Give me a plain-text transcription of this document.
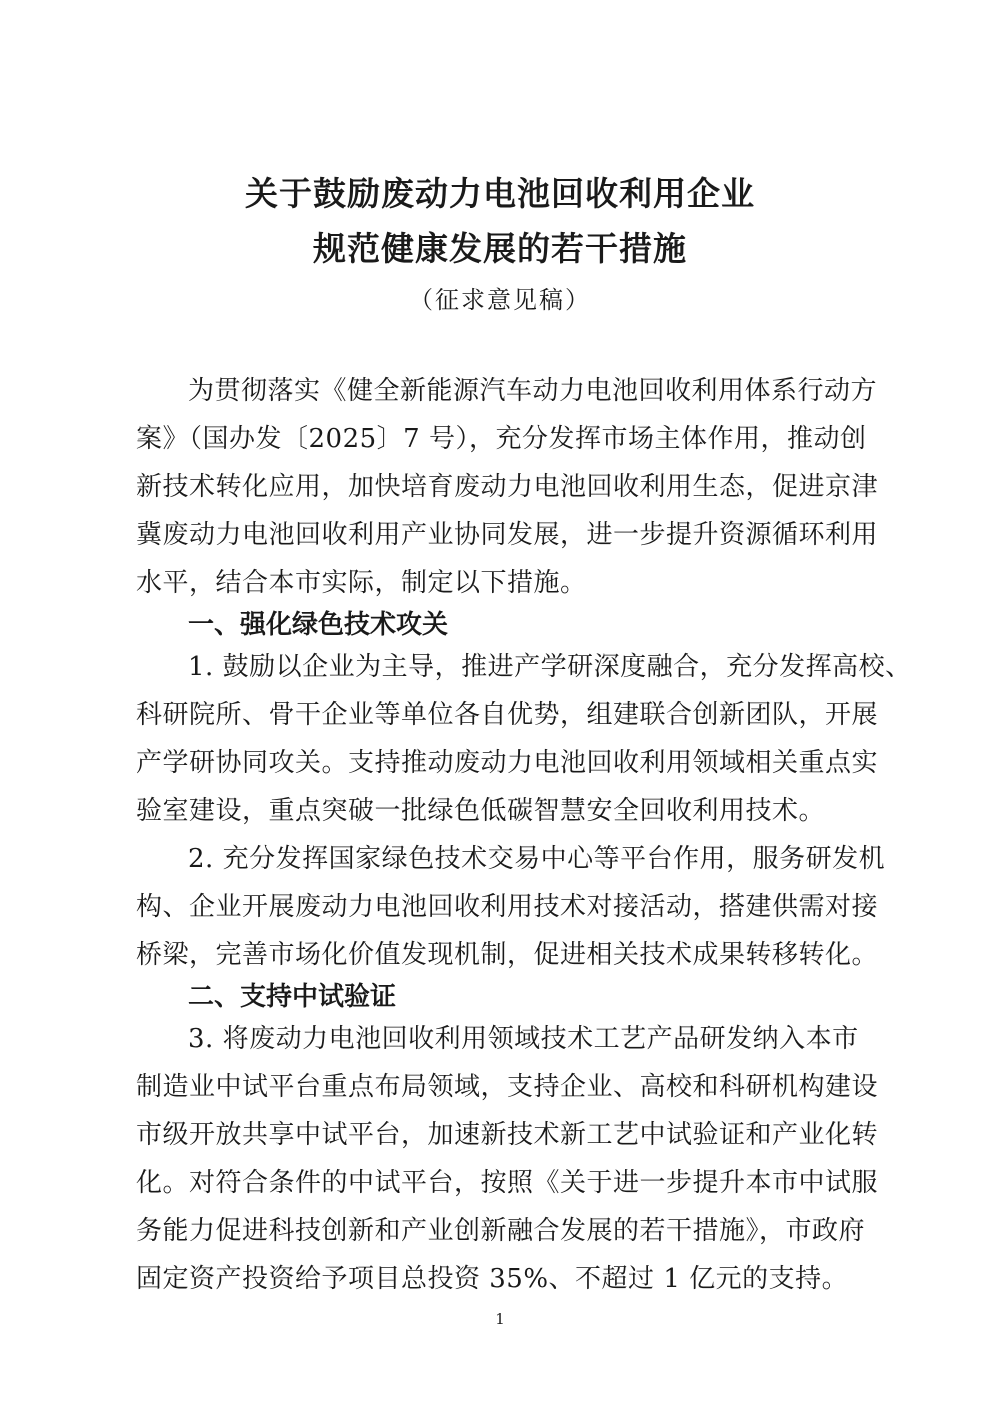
关于鼓励废动力电池回收利用企业
规范健康发展的若干措施
（征求意见稿）
为贯彻落实《健全新能源汽车动力电池回收利用体系行动方
案》（国办发〔2025〕7 号），充分发挥市场主体作用，推动创
新技术转化应用，加快培育废动力电池回收利用生态，促进京津
冀废动力电池回收利用产业协同发展，进一步提升资源循环利用
水平，结合本市实际，制定以下措施。
一、强化绿色技术攻关
1. 鼓励以企业为主导，推进产学研深度融合，充分发挥高校、
科研院所、骨干企业等单位各自优势，组建联合创新团队，开展
产学研协同攻关。支持推动废动力电池回收利用领域相关重点实
验室建设，重点突破一批绿色低碳智慧安全回收利用技术。
2. 充分发挥国家绿色技术交易中心等平台作用，服务研发机
构、企业开展废动力电池回收利用技术对接活动，搭建供需对接
桥梁，完善市场化价值发现机制，促进相关技术成果转移转化。
二、支持中试验证
3. 将废动力电池回收利用领域技术工艺产品研发纳入本市
制造业中试平台重点布局领域，支持企业、高校和科研机构建设
市级开放共享中试平台，加速新技术新工艺中试验证和产业化转
化。对符合条件的中试平台，按照《关于进一步提升本市中试服
务能力促进科技创新和产业创新融合发展的若干措施》，市政府
固定资产投资给予项目总投资 35%、不超过 1 亿元的支持。
1
